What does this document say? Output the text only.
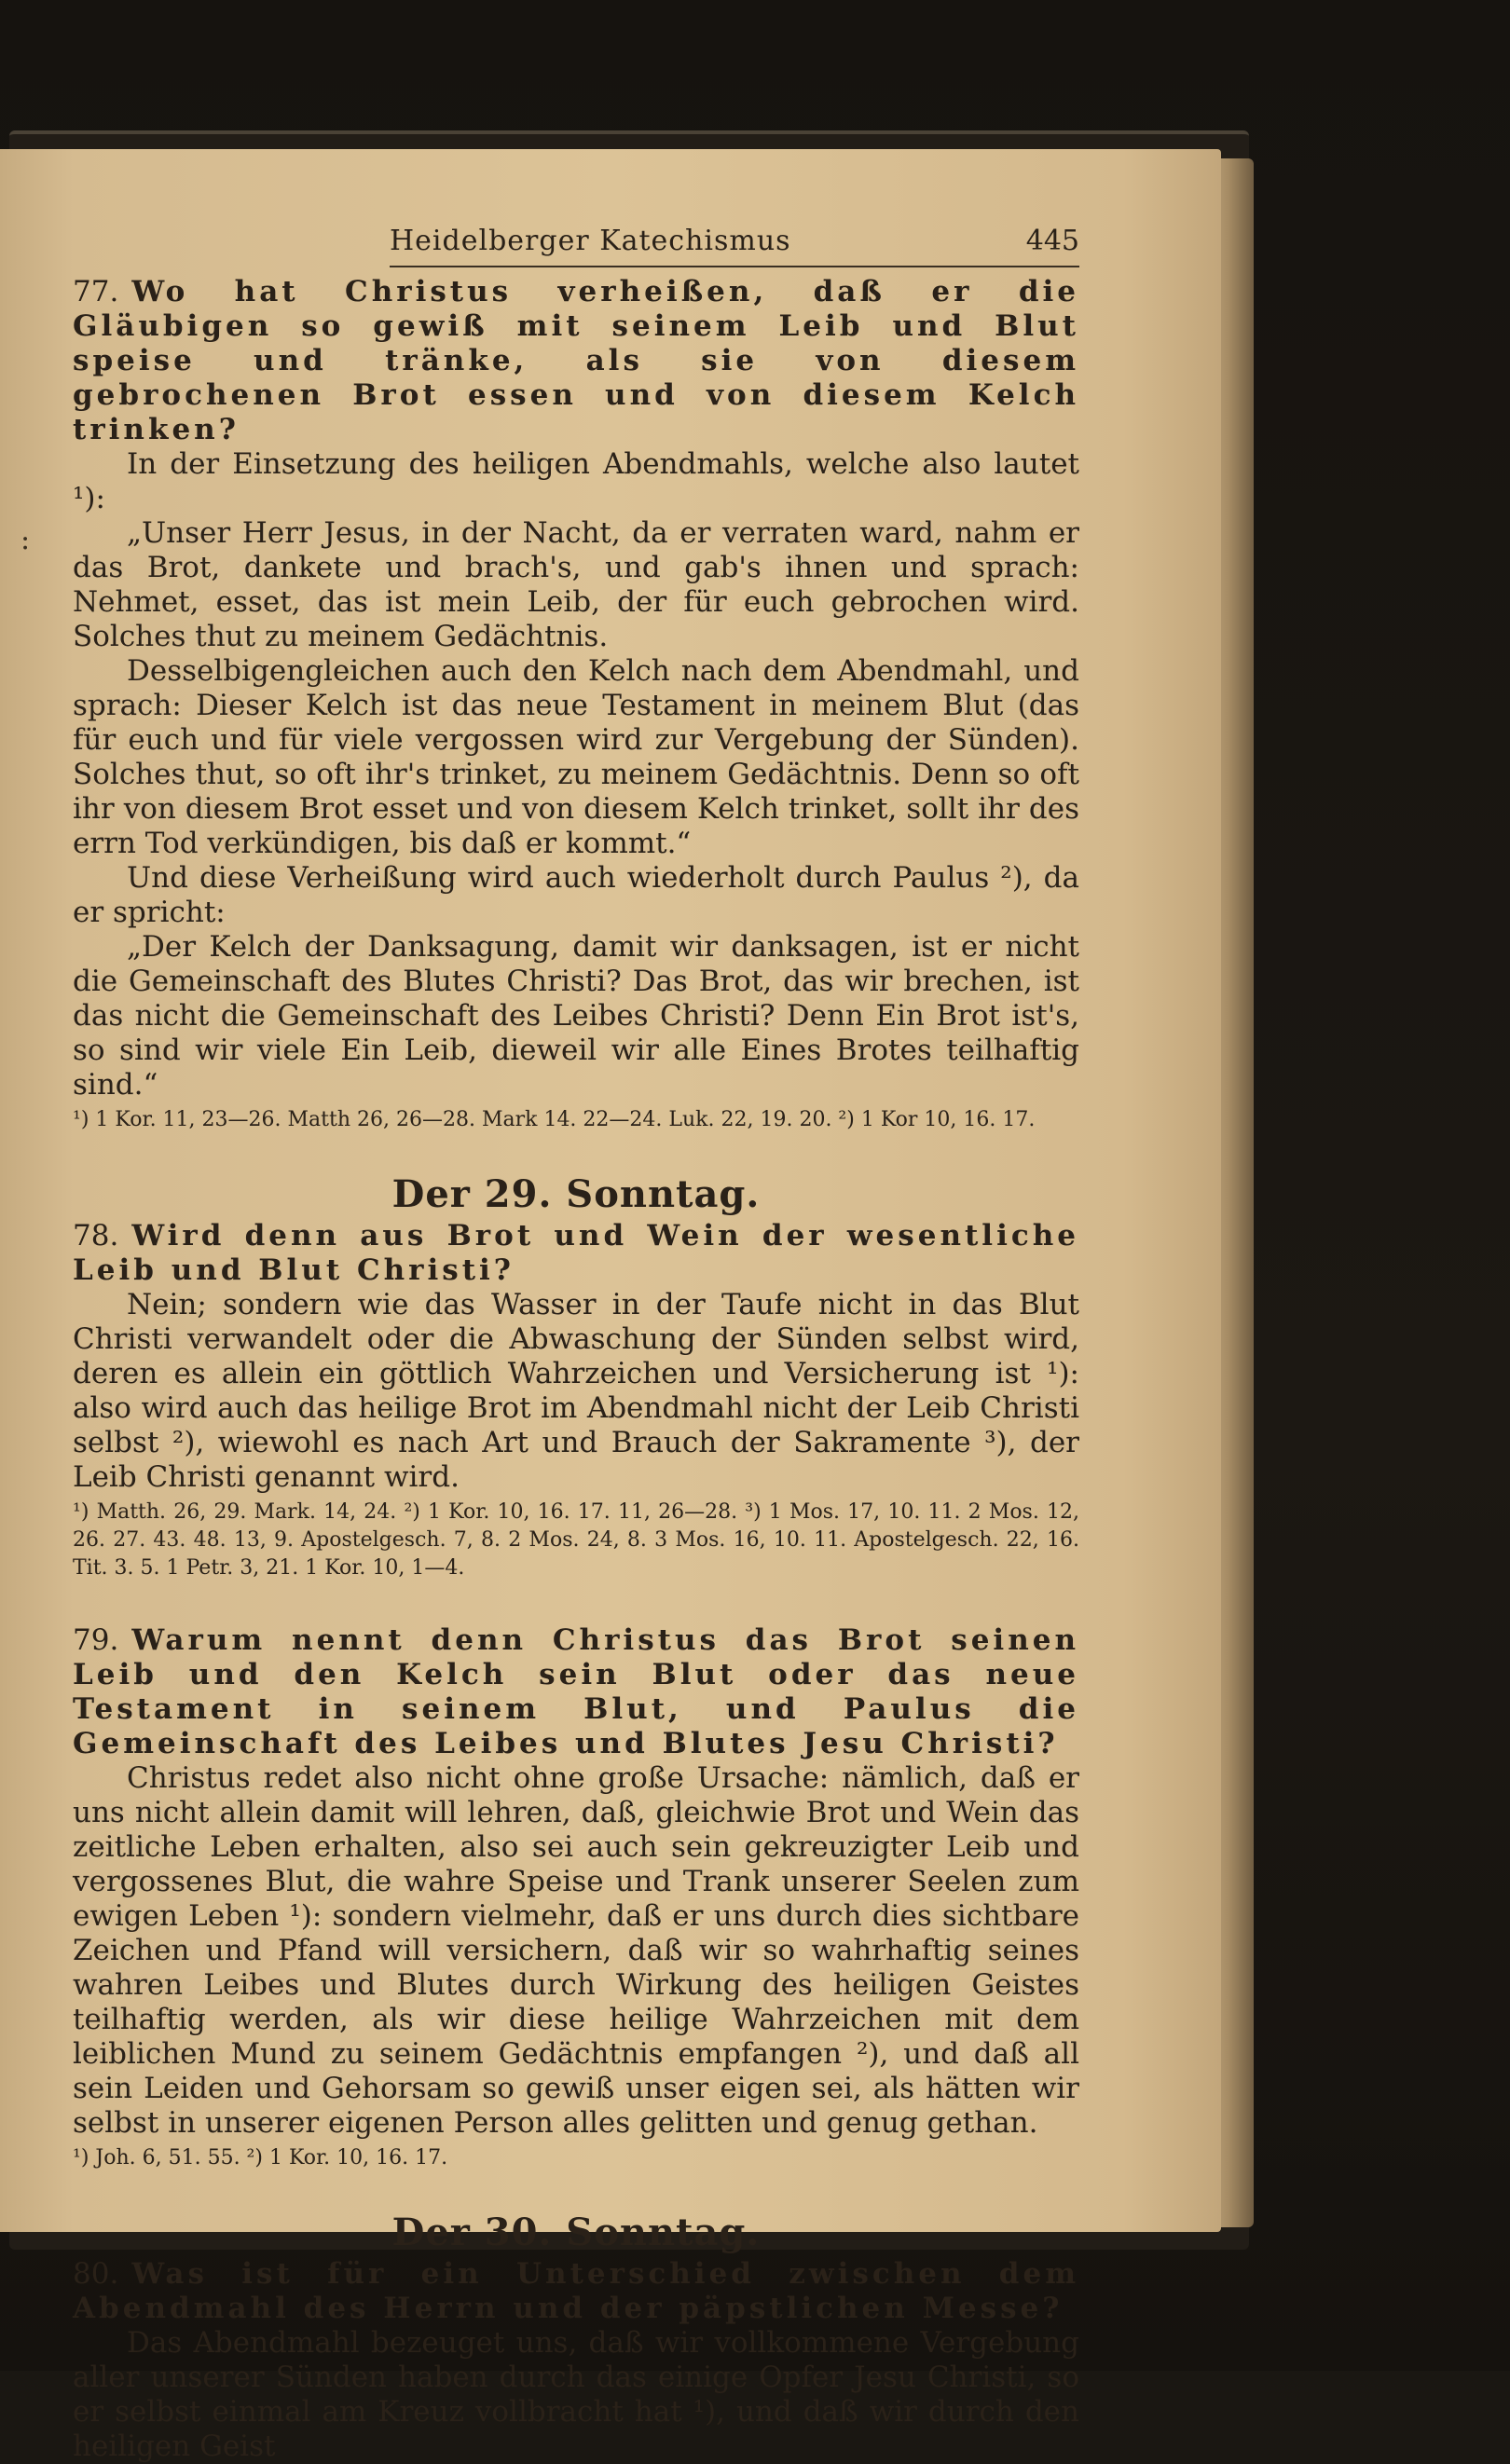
:
Heidelberger Katechismus	445
77. Wo hat Christus verheißen, daß er die Gläubigen so gewiß mit seinem Leib und Blut speise und tränke, als sie von diesem gebrochenen Brot essen und von diesem Kelch trinken?

In der Einsetzung des heiligen Abendmahls, welche also lautet ¹):

„Unser Herr Jesus, in der Nacht, da er verraten ward, nahm er das Brot, dankete und brach's, und gab's ihnen und sprach: Nehmet, esset, das ist mein Leib, der für euch gebrochen wird. Solches thut zu meinem Gedächtnis.

Desselbigengleichen auch den Kelch nach dem Abendmahl, und sprach: Dieser Kelch ist das neue Testament in meinem Blut (das für euch und für viele vergossen wird zur Vergebung der Sünden). Solches thut, so oft ihr's trinket, zu meinem Gedächtnis. Denn so oft ihr von diesem Brot esset und von diesem Kelch trinket, sollt ihr des errn Tod verkündigen, bis daß er kommt.“

Und diese Verheißung wird auch wiederholt durch Paulus ²), da er spricht:

„Der Kelch der Danksagung, damit wir danksagen, ist er nicht die Gemeinschaft des Blutes Christi? Das Brot, das wir brechen, ist das nicht die Gemeinschaft des Leibes Christi? Denn Ein Brot ist's, so sind wir viele Ein Leib, dieweil wir alle Eines Brotes teilhaftig sind.“

¹) 1 Kor. 11, 23—26. Matth 26, 26—28. Mark 14. 22—24. Luk. 22, 19. 20. ²) 1 Kor 10, 16. 17.

Der 29. Sonntag.
78. Wird denn aus Brot und Wein der wesentliche Leib und Blut Christi?

Nein; sondern wie das Wasser in der Taufe nicht in das Blut Christi verwandelt oder die Abwaschung der Sünden selbst wird, deren es allein ein göttlich Wahrzeichen und Versicherung ist ¹): also wird auch das heilige Brot im Abendmahl nicht der Leib Christi selbst ²), wiewohl es nach Art und Brauch der Sakramente ³), der Leib Christi genannt wird.

¹) Matth. 26, 29. Mark. 14, 24. ²) 1 Kor. 10, 16. 17. 11, 26—28. ³) 1 Mos. 17, 10. 11. 2 Mos. 12, 26. 27. 43. 48. 13, 9. Apostelgesch. 7, 8. 2 Mos. 24, 8. 3 Mos. 16, 10. 11. Apostelgesch. 22, 16. Tit. 3. 5. 1 Petr. 3, 21. 1 Kor. 10, 1—4.

79. Warum nennt denn Christus das Brot seinen Leib und den Kelch sein Blut oder das neue Testament in seinem Blut, und Paulus die Gemeinschaft des Leibes und Blutes Jesu Christi?

Christus redet also nicht ohne große Ursache: nämlich, daß er uns nicht allein damit will lehren, daß, gleichwie Brot und Wein das zeitliche Leben erhalten, also sei auch sein gekreuzigter Leib und vergossenes Blut, die wahre Speise und Trank unserer Seelen zum ewigen Leben ¹): sondern vielmehr, daß er uns durch dies sichtbare Zeichen und Pfand will versichern, daß wir so wahrhaftig seines wahren Leibes und Blutes durch Wirkung des heiligen Geistes teilhaftig werden, als wir diese heilige Wahrzeichen mit dem leiblichen Mund zu seinem Gedächtnis empfangen ²), und daß all sein Leiden und Gehorsam so gewiß unser eigen sei, als hätten wir selbst in unserer eigenen Person alles gelitten und genug gethan.

¹) Joh. 6, 51. 55. ²) 1 Kor. 10, 16. 17.

Der 30. Sonntag.
80. Was ist für ein Unterschied zwischen dem Abendmahl des Herrn und der päpstlichen Messe?

Das Abendmahl bezeuget uns, daß wir vollkommene Vergebung aller unserer Sünden haben durch das einige Opfer Jesu Christi, so er selbst einmal am Kreuz vollbracht hat ¹), und daß wir durch den heiligen Geist
